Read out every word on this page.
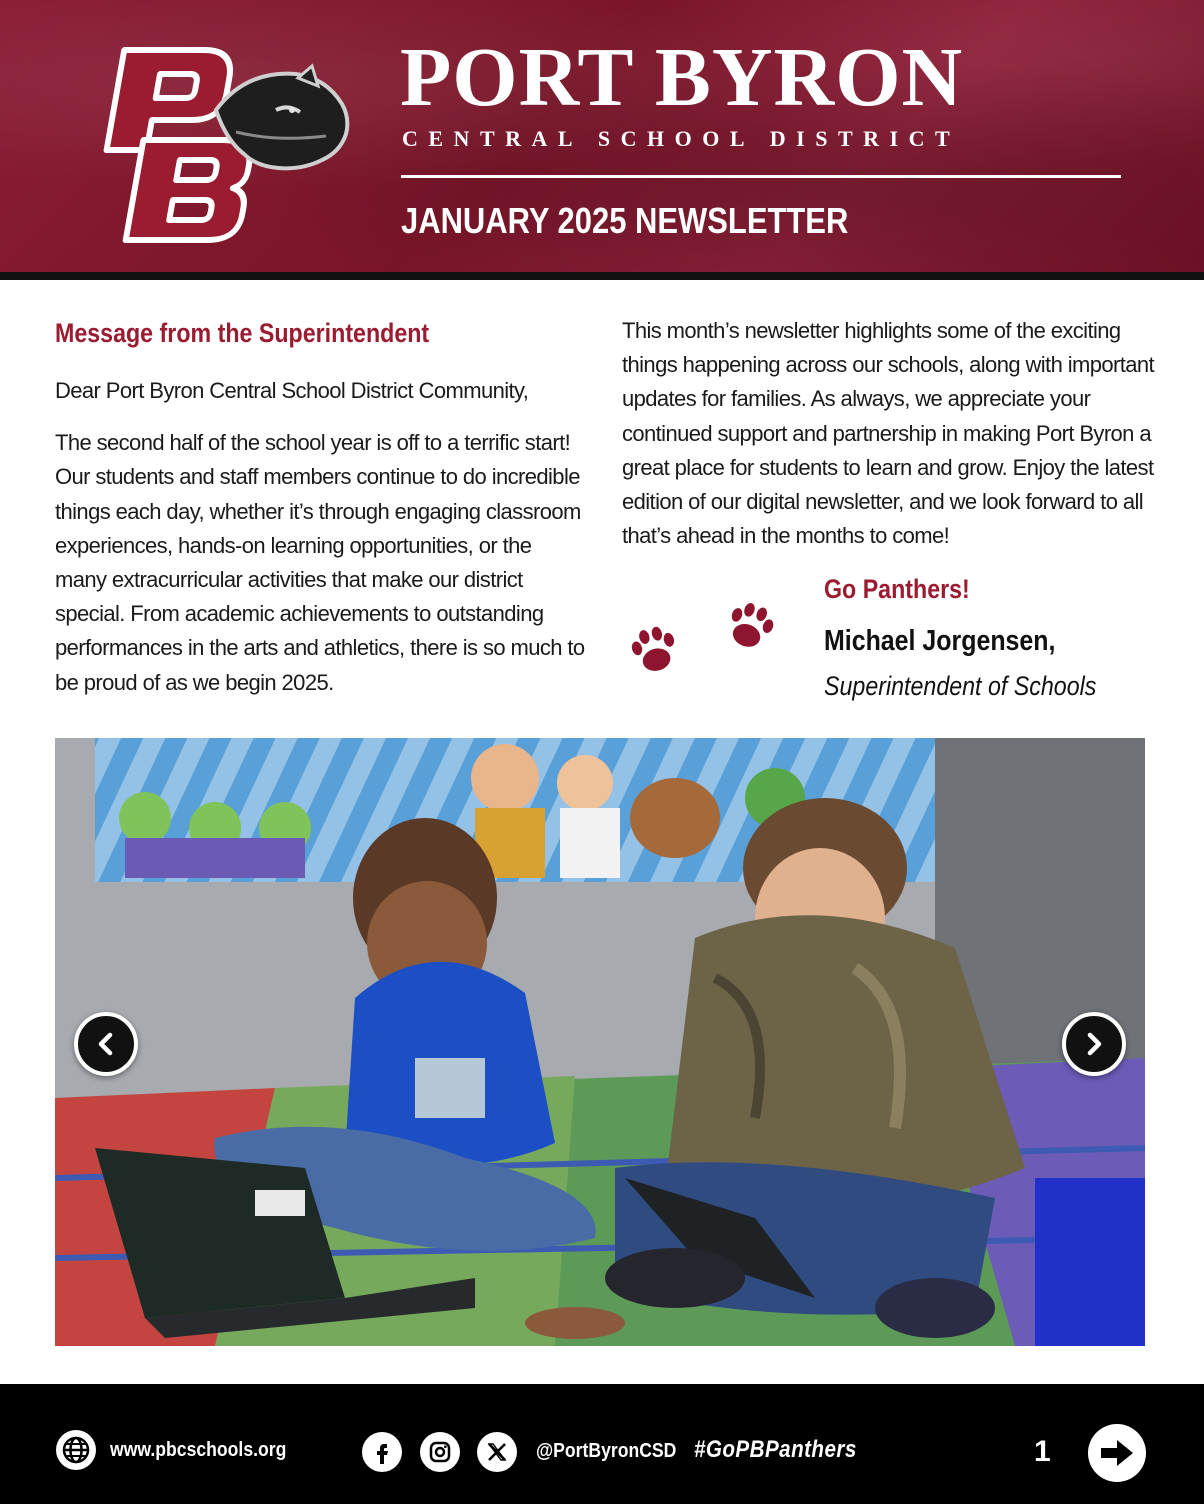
PORT BYRON
CENTRAL SCHOOL DISTRICT
JANUARY 2025 NEWSLETTER
Message from the Superintendent

Dear Port Byron Central School District Community,

The second half of the school year is off to a terrific start! Our students and staff members continue to do incredible things each day, whether it’s through engaging classroom experiences, hands-on learning opportunities, or the many extracurricular activities that make our district special. From academic achievements to outstanding performances in the arts and athletics, there is so much to be proud of as we begin 2025.

This month’s newsletter highlights some of the exciting things happening across our schools, along with important updates for families. As always, we appreciate your continued support and partnership in making Port Byron a great place for students to learn and grow. Enjoy the latest edition of our digital newsletter, and we look forward to all that’s ahead in the months to come!

Go Panthers!
Michael Jorgensen,
Superintendent of Schools
www.pbcschools.org	@PortByronCSD #GoPBPanthers	1
